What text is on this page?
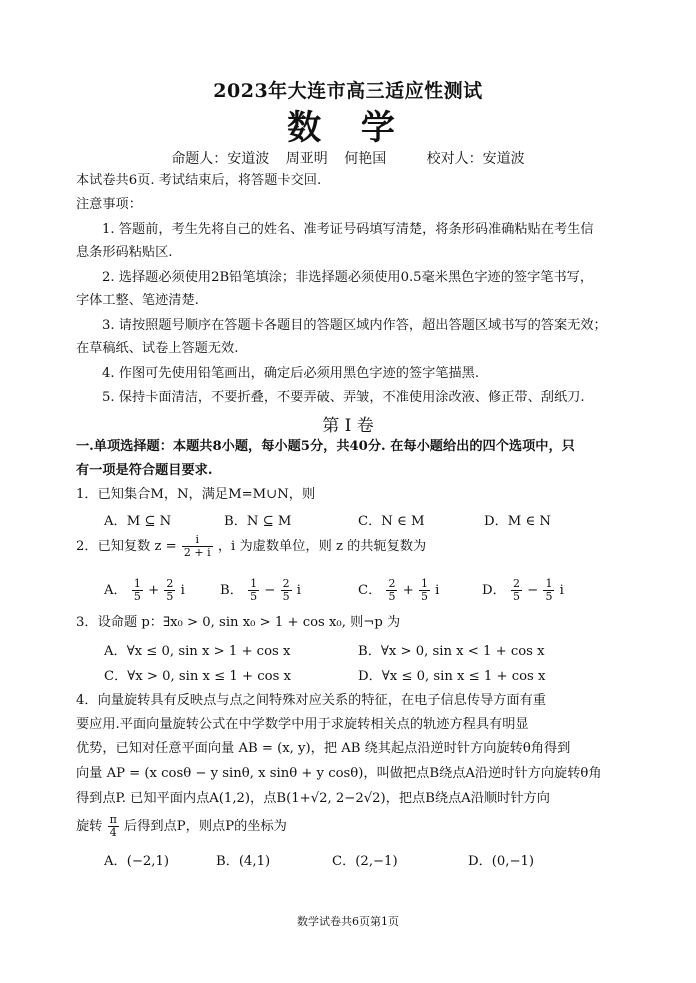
2023年大连市高三适应性测试
数 学
命题人：安道波 周亚明 何艳国	校对人：安道波
本试卷共6页. 考试结束后，将答题卡交回.
注意事项：
1. 答题前，考生先将自己的姓名、准考证号码填写清楚，将条形码准确粘贴在考生信
息条形码粘贴区.
2. 选择题必须使用2B铅笔填涂；非选择题必须使用0.5毫米黑色字迹的签字笔书写，
字体工整、笔迹清楚.
3. 请按照题号顺序在答题卡各题目的答题区域内作答，超出答题区域书写的答案无效；
在草稿纸、试卷上答题无效.
4. 作图可先使用铅笔画出，确定后必须用黑色字迹的签字笔描黑.
5. 保持卡面清洁，不要折叠，不要弄破、弄皱，不准使用涂改液、修正带、刮纸刀.
第 I 卷
一.单项选择题：本题共8小题，每小题5分，共40分. 在每小题给出的四个选项中，只
有一项是符合题目要求.
1．已知集合M，N，满足M=M∪N，则
A．M ⊆ N	B．N ⊆ M	C．N ∈ M	D．M ∈ N
2．已知复数 $z = \frac{i}{2 + i}$ ，i 为虚数单位，则 z 的共轭复数为
A． $\frac{1}{5} + \frac{2}{5}$ i	B． $\frac{1}{5} - \frac{2}{5}$ i	C． $\frac{2}{5} + \frac{1}{5}$ i	D． $\frac{2}{5} - \frac{1}{5}$ i
3．设命题 p：∃x₀ > 0, sin x₀ > 1 + cos x₀, 则¬p 为
A．∀x ≤ 0, sin x > 1 + cos x	B．∀x > 0, sin x < 1 + cos x
C．∀x > 0, sin x ≤ 1 + cos x	D．∀x ≤ 0, sin x ≤ 1 + cos x
4．向量旋转具有反映点与点之间特殊对应关系的特征，在电子信息传导方面有重
要应用.平面向量旋转公式在中学数学中用于求旋转相关点的轨迹方程具有明显
优势，已知对任意平面向量 AB = (x, y)，把 AB 绕其起点沿逆时针方向旋转θ角得到
向量 AP = (x cosθ − y sinθ, x sinθ + y cosθ)，叫做把点B绕点A沿逆时针方向旋转θ角
得到点P. 已知平面内点A(1,2)，点B(1+√2, 2−2√2)，把点B绕点A沿顺时针方向
旋转 $\frac{\pi}{4}$ 后得到点P，则点P的坐标为
A．(−2,1)	B．(4,1)	C．(2,−1)	D．(0,−1)
数学试卷共6页第1页
